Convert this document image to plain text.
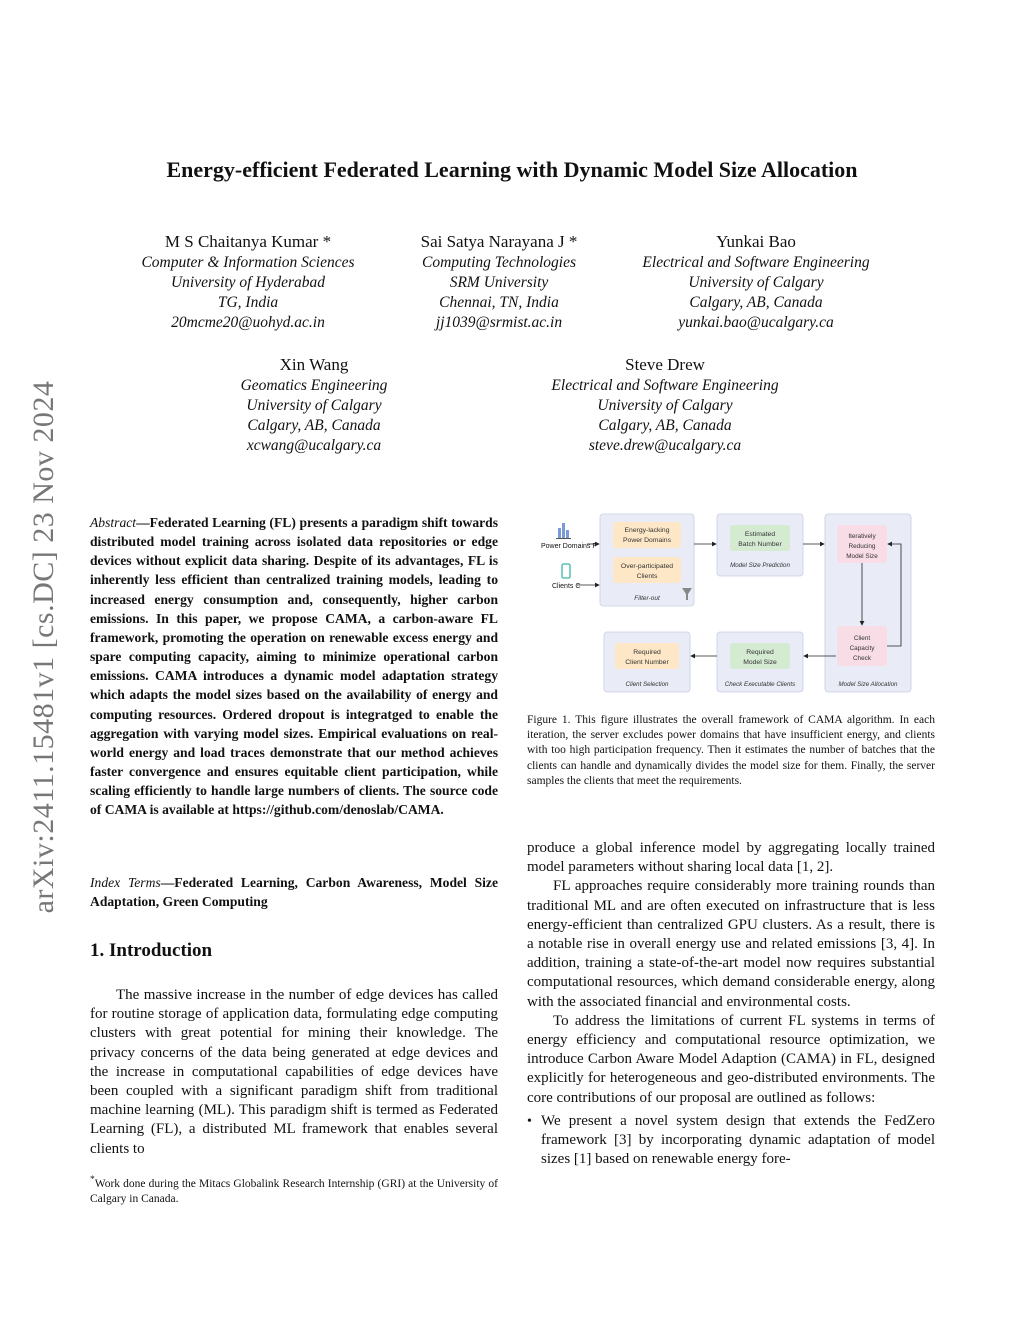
arXiv:2411.15481v1 [cs.DC] 23 Nov 2024
Energy-efficient Federated Learning with Dynamic Model Size Allocation
M S Chaitanya Kumar *
Computer & Information Sciences
University of Hyderabad
TG, India
20mcme20@uohyd.ac.in
Sai Satya Narayana J *
Computing Technologies
SRM University
Chennai, TN, India
jj1039@srmist.ac.in
Yunkai Bao
Electrical and Software Engineering
University of Calgary
Calgary, AB, Canada
yunkai.bao@ucalgary.ca
Xin Wang
Geomatics Engineering
University of Calgary
Calgary, AB, Canada
xcwang@ucalgary.ca
Steve Drew
Electrical and Software Engineering
University of Calgary
Calgary, AB, Canada
steve.drew@ucalgary.ca
Abstract—Federated Learning (FL) presents a paradigm shift towards distributed model training across isolated data repositories or edge devices without explicit data sharing. Despite of its advantages, FL is inherently less efficient than centralized training models, leading to increased energy consumption and, consequently, higher carbon emissions. In this paper, we propose CAMA, a carbon-aware FL framework, promoting the operation on renewable excess energy and spare computing capacity, aiming to minimize operational carbon emissions. CAMA introduces a dynamic model adaptation strategy which adapts the model sizes based on the availability of energy and computing resources. Ordered dropout is integratged to enable the aggregation with varying model sizes. Empirical evaluations on real-world energy and load traces demonstrate that our method achieves faster convergence and ensures equitable client participation, while scaling efficiently to handle large numbers of clients. The source code of CAMA is available at https://github.com/denoslab/CAMA.
Index Terms—Federated Learning, Carbon Awareness, Model Size Adaptation, Green Computing
1. Introduction

The massive increase in the number of edge devices has called for routine storage of application data, formulating edge computing clusters with great potential for mining their knowledge. The privacy concerns of the data being generated at edge devices and the increase in computational capabilities of edge devices have been coupled with a significant paradigm shift from traditional machine learning (ML). This paradigm shift is termed as Federated Learning (FL), a distributed ML framework that enables several clients to

*Work done during the Mitacs Globalink Research Internship (GRI) at the University of Calgary in Canada.
Power Domains P
Clients C
Energy-lacking
Power Domains
Over-participated
Clients
Filter-out
Estimated
Batch Number
Model Size Prediction
Iteratively
Reducing
Model Size
Client
Capacity
Check
Model Size Allocation
Required
Model Size
Check Executable Clients
Required
Client Number
Client Selection
Figure 1. This figure illustrates the overall framework of CAMA algorithm. In each iteration, the server excludes power domains that have insufficient energy, and clients with too high participation frequency. Then it estimates the number of batches that the clients can handle and dynamically divides the model size for them. Finally, the server samples the clients that meet the requirements.

produce a global inference model by aggregating locally trained model parameters without sharing local data [1, 2].

FL approaches require considerably more training rounds than traditional ML and are often executed on infrastructure that is less energy-efficient than centralized GPU clusters. As a result, there is a notable rise in overall energy use and related emissions [3, 4]. In addition, training a state-of-the-art model now requires substantial computational resources, which demand considerable energy, along with the associated financial and environmental costs.

To address the limitations of current FL systems in terms of energy efficiency and computational resource optimization, we introduce Carbon Aware Model Adaption (CAMA) in FL, designed explicitly for heterogeneous and geo-distributed environments. The core contributions of our proposal are outlined as follows:

• We present a novel system design that extends the FedZero framework [3] by incorporating dynamic adaptation of model sizes [1] based on renewable energy fore-
